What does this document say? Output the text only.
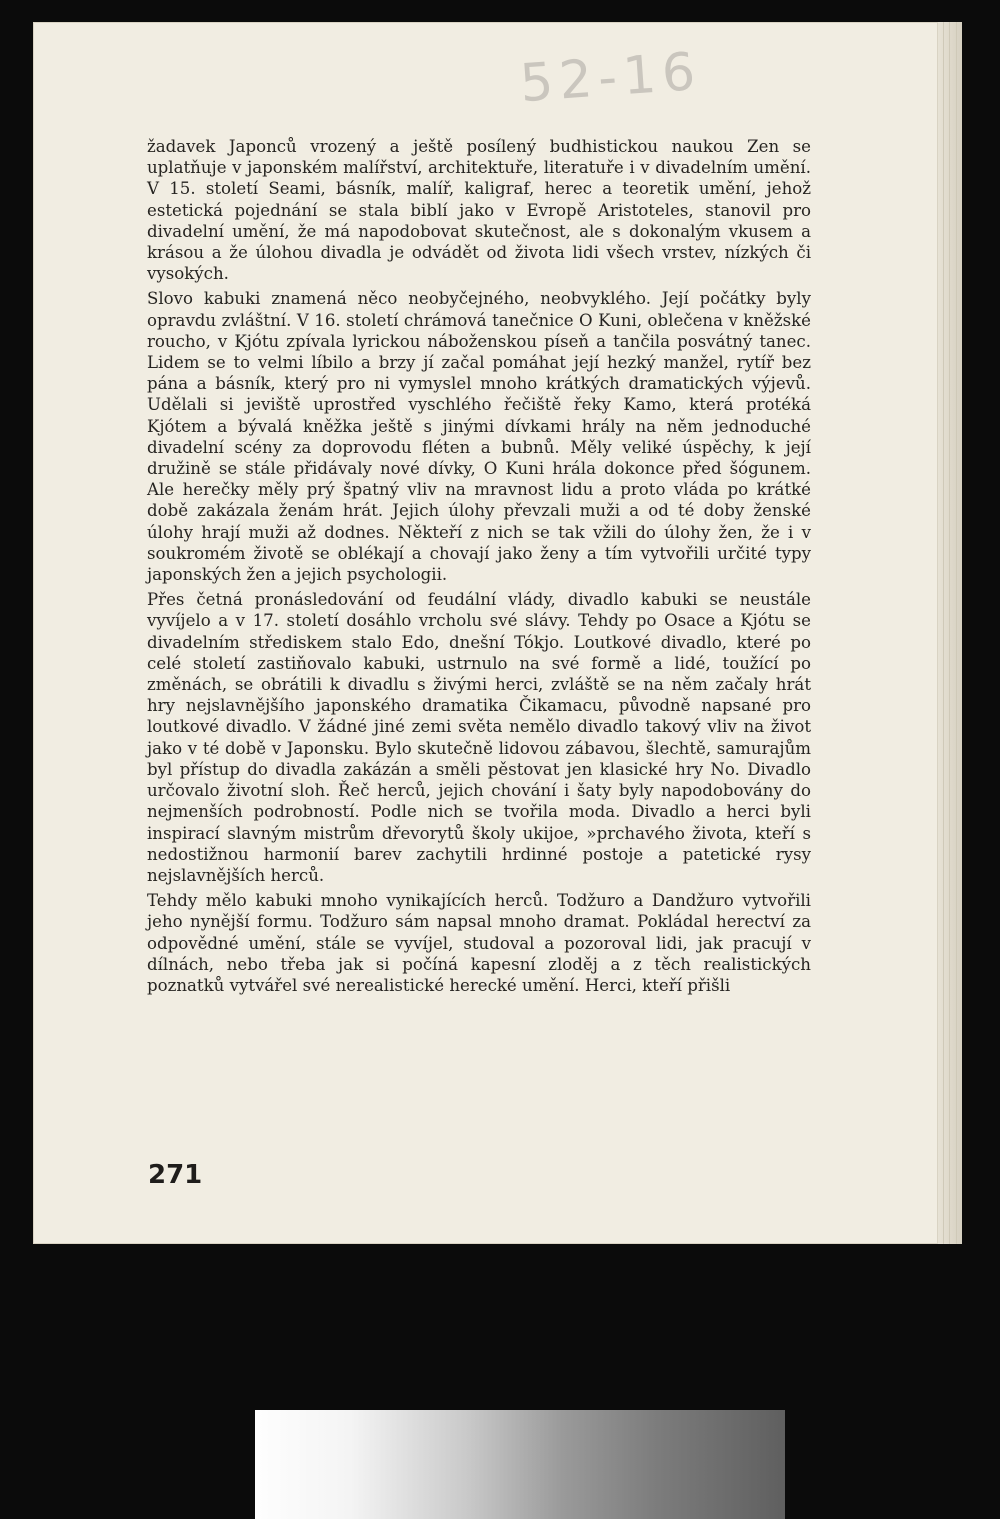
52-16

žadavek Japonců vrozený a ještě posílený budhistickou naukou Zen se uplatňuje v japonském malířství, architektuře, literatuře i v divadelním umění. V 15. století Seami, básník, malíř, kaligraf, herec a teoretik umění, jehož estetická pojednání se stala biblí jako v Evropě Aristoteles, stanovil pro divadelní umění, že má napodobovat skutečnost, ale s dokonalým vkusem a krásou a že úlohou divadla je odvádět od života lidi všech vrstev, nízkých či vysokých.

Slovo kabuki znamená něco neobyčejného, neobvyklého. Její počátky byly opravdu zvláštní. V 16. století chrámová tanečnice O Kuni, oblečena v kněžské roucho, v Kjótu zpívala lyrickou náboženskou píseň a tančila posvátný tanec. Lidem se to velmi líbilo a brzy jí začal pomáhat její hezký manžel, rytíř bez pána a básník, který pro ni vymyslel mnoho krátkých dramatických výjevů. Udělali si jeviště uprostřed vyschlého řečiště řeky Kamo, která protéká Kjótem a bývalá kněžka ještě s jinými dívkami hrály na něm jednoduché divadelní scény za doprovodu fléten a bubnů. Měly veliké úspěchy, k její družině se stále přidávaly nové dívky, O Kuni hrála dokonce před šógunem. Ale herečky měly prý špatný vliv na mravnost lidu a proto vláda po krátké době zakázala ženám hrát. Jejich úlohy převzali muži a od té doby ženské úlohy hrají muži až dodnes. Někteří z nich se tak vžili do úlohy žen, že i v soukromém životě se oblékají a chovají jako ženy a tím vytvořili určité typy japonských žen a jejich psychologii.

Přes četná pronásledování od feudální vlády, divadlo kabuki se neustále vyvíjelo a v 17. století dosáhlo vrcholu své slávy. Tehdy po Osace a Kjótu se divadelním střediskem stalo Edo, dnešní Tókjo. Loutkové divadlo, které po celé století zastiňovalo kabuki, ustrnulo na své formě a lidé, toužící po změnách, se obrátili k divadlu s živými herci, zvláště se na něm začaly hrát hry nejslavnějšího japonského dramatika Čikamacu, původně napsané pro loutkové divadlo. V žádné jiné zemi světa nemělo divadlo takový vliv na život jako v té době v Japonsku. Bylo skutečně lidovou zábavou, šlechtě, samurajům byl přístup do divadla zakázán a směli pěstovat jen klasické hry No. Divadlo určovalo životní sloh. Řeč herců, jejich chování i šaty byly napodobovány do nejmenších podrobností. Podle nich se tvořila moda. Divadlo a herci byli inspirací slavným mistrům dřevorytů školy ukijoe, »prchavého života, kteří s nedostižnou harmonií barev zachytili hrdinné postoje a patetické rysy nejslavnějších herců.

Tehdy mělo kabuki mnoho vynikajících herců. Todžuro a Dandžuro vytvořili jeho nynější formu. Todžuro sám napsal mnoho dramat. Pokládal herectví za odpovědné umění, stále se vyvíjel, studoval a pozoroval lidi, jak pracují v dílnách, nebo třeba jak si počíná kapesní zloděj a z těch realistických poznatků vytvářel své nerealistické herecké umění. Herci, kteří přišli

271
